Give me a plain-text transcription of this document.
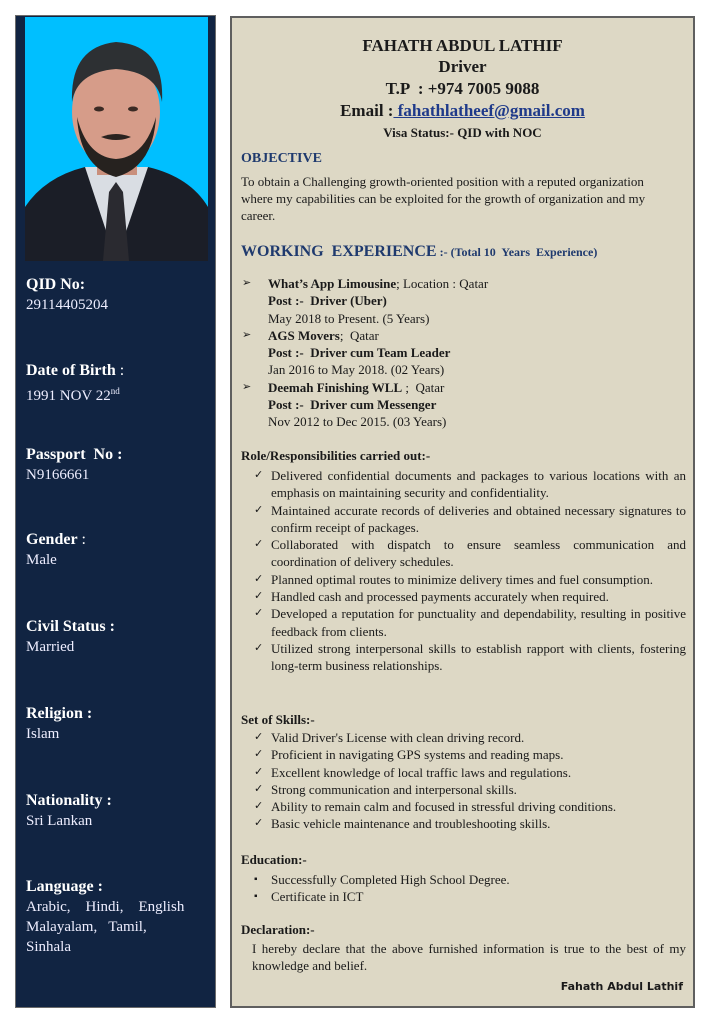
QID No:
29114405204
Date of Birth :
1991 NOV 22nd
Passport  No :
N9166661
Gender :
Male
Civil Status :
Married
Religion :
Islam
Nationality :
Sri Lankan
Language :
Arabic,    Hindi,    English
Malayalam,   Tamil,
Sinhala
FAHATH ABDUL LATHIF
Driver
T.P  : +974 7005 9088
Email : fahathlatheef@gmail.com
Visa Status:- QID with NOC
OBJECTIVE
To obtain a Challenging growth-oriented position with a reputed organization where my capabilities can be exploited for the growth of organization and my career.
WORKING  EXPERIENCE :- (Total 10  Years  Experience)
➢ What’s App Limousine; Location : Qatar
Post :-  Driver (Uber)
May 2018 to Present. (5 Years)
➢ AGS Movers;  Qatar
Post :-  Driver cum Team Leader
Jan 2016 to May 2018. (02 Years)
➢ Deemah Finishing WLL ;  Qatar
Post :-  Driver cum Messenger
Nov 2012 to Dec 2015. (03 Years)
Role/Responsibilities carried out:-
✓ Delivered confidential documents and packages to various locations with an emphasis on maintaining security and confidentiality.
✓ Maintained accurate records of deliveries and obtained necessary signatures to confirm receipt of packages.
✓ Collaborated with dispatch to ensure seamless communication and coordination of delivery schedules.
✓ Planned optimal routes to minimize delivery times and fuel consumption.
✓ Handled cash and processed payments accurately when required.
✓ Developed a reputation for punctuality and dependability, resulting in positive feedback from clients.
✓ Utilized strong interpersonal skills to establish rapport with clients, fostering long-term business relationships.
Set of Skills:-
✓ Valid Driver's License with clean driving record.
✓ Proficient in navigating GPS systems and reading maps.
✓ Excellent knowledge of local traffic laws and regulations.
✓ Strong communication and interpersonal skills.
✓ Ability to remain calm and focused in stressful driving conditions.
✓ Basic vehicle maintenance and troubleshooting skills.
Education:-
▪ Successfully Completed High School Degree.
▪ Certificate in ICT
Declaration:-
I hereby declare that the above furnished information is true to the best of my knowledge and belief.
Fahath Abdul Lathif
